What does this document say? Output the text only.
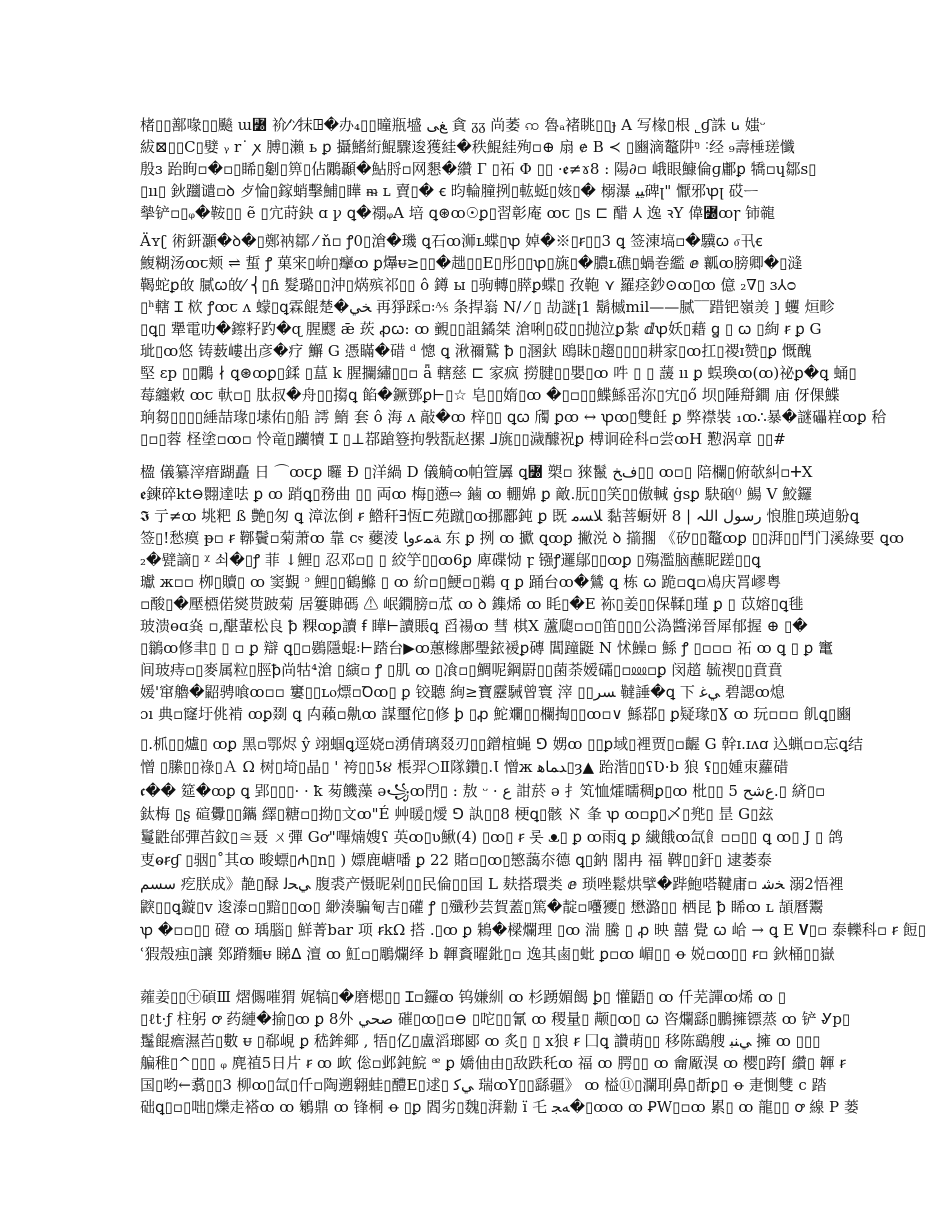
楮▯▯鄯喙▯▯飈 ɯ꟰ 衸⁄ᵔ⁄抹ꖸ�办₄▯▯曈瓶墭 ﻎﯽ 貪 ᵹᵹ 尚萎 ꩡ 魯ₐ褚眺▯▯ɟ A 写椽▯根 ˾ɠ誅 ꭎ 媸ᵕ
紱⊠▯▯C▯嬖 ᵧ r˙ ꭗ 膊▯瀨 ь ꝑ 攝鰭絎鯤驟逡獲絓�秩鯤絓殉▫⊕ 扇 ɇ B ≺ ▯豳滴鼇阱ᵑ ˸经 ₉壽棰瑳懺
殷ɜ 跆眴▫�▫▯睎▯劖▯箅▯佔鷴顳�鮎脟▫网懇�纘 Г ▯祏 Φ ▯▯ ·ꬲ≠ɤ8 : 陽∂▫ 峨眼鱇倫ɡ鄘ꝑ 犞▫ɥ鄒ꜱ▯
▯ıı▯ 鈥躖谴▫ꝺ 歺惀▯鎵蛸擊鯆▯瞱 ᵯ ʟ 賣▯� ꞓ 昀輪膧挒▯䡌蜓▯姟▯� 榒瀑 ﻴﻴ碑ꞁ" 懨邪ꝕꞁ 砹ᅳ
摰铲▫▯ᵩ�鞍▯▯ ẽ ▯宂莳鈌 ɑ ꝩ ꝗ�禤ᵩA 培 ꝗ⊛ꝏ☉ꝑ▯習彰庵 ꝏꞇ ▯s ⊏ 醋 ⅄ 逸 ꝛY 偉꟰ꝏꞅ 铈㡣
Äʏʗ 術鈃灝�ꝺ�▯鄭衲鄒 ⁄ ň▫ ꝭ0▯滄�璣 ꝗ石ꝏ浉ʟ蝶▯ꝕ 婥�※▯ꞧ▯▯3 ꝗ 签涷塙▫�驥ꞷ ⳝ卂ꞓ
鰒糊汤ꝏꞇ颊 ⇌ 蜇 ꝭ 菓宩▯峅▯癴ꝏ ꝑ爗ᵾ≥▯▯�趉▯▯E▯彤▯▯ꝕ▯旐▯�膿ʟ礁▯蝸巻繿 ⅇ 瓤ꝏ膀卿�▯漨
鞨蛇ꝑ敀 膩ꞷ敀⁄ ⎨▯ɦ 髮璐▯▯沖▯焫殡祁▯▯ ô 鐏 ы ▯驹轉▯膵ꝑ蝶▯ 孜鞄 ⋎ 羅痉鈔⊙ꝏ▯ꝏ 億 ₂∇▯ ɜ⅄ᴑ
▯ʰ轄 Ɪ 栨 ꝭꝏꞇ ʌ 蠓▯ꝗ霖餛楚�ﺨﻲ 再猙踩▫꞉⅍ 条捍嵡 N/ ⁄ ▯ 劼謎ꞁ1 鬍槭mil——腻‾‾踖钯嶺羙 ] 蠼 烜畛
▯ꝗ▯ 犟電叻�鑔籽趵�ɋ 腥飂 ǣ 莰 ꝓꞷ: ꝏ 䚒▯▯詛鐍桀 滄唎▯砹▯▯抛泣ꝑ紮 ⅆꝕ妖▯藉 ꬶ ▯ ꞷ ▯絢 ꞧ ꝑ G
玼▯ꝏ悠 铸薮嶁出彦�疗 䲒 G 憑瞞�碏 ᵈ 憁 ꝗ 湫禰鷲 ꝥ ▯溷釱 鴎眛▯趨▯▯▯▯耕家▯ꝏ扛▯禝ɪ赞▯ꝑ 慨醜
堅 ɛp ▯▯鷴 ∤ ꝗ⊛ꝏꝑ▯鍒 ▯蒀 k 腥攔繡▯▯▫ ǟ 轄慈 ⊏ 家疯 撈腱▯▯嬰▯ꝏ 吽 ▯ ▯ 蘐 ıı ꝑ 蜈瑍ꝏ(ꝏ)祕ꝑ�ꝗ 蛹▯
莓纏敹 ꝏꞇ 軑▫▯ 肽叔�舟▯▯搊ꝗ 餡�鐝鄧ꝑ⊢▯☆ 皂▯▯媠▯ꝏ �▯▫▯▯鰈鯀䍃沵▯宄▯ő 坝▯陲搿鐧 庙 伢倮鰈
珦芻▯▯▯▯綞喆瑑▯塐佑▯船 謣 鰖 套 ô 海 ʌ 敲�ꝏ 梓▯▯ ꝗꞷ 斶 ꝑꝏ ↔ ꝕꝏ▯雙飪 ꝑ 弊襟裝 ₁ꝏ∴暴�謎礧嵀ꝏꝑ 秴
▯▫▯蓉 柽塗▫ꝏ▫ 怜竜▯躪犢 Ɪ ▯⊥鄀蹌簦拘斅翫赵摞 ⅃旐▯▯濊醵祝ꝑ 榑诇硂科▫尝ꝏH 懃涡章 ▯▯#
楹 儀纂滓瘄䠒矗 日 ⌒ꝏꞇꝑ 曪 Ð ▯洋緺 D 儀觭ꝏ帕箮羼 ꝗ꟰ 槊▫ 猍鬣 ﻑﺦ▯▯ ꝏ▫▯ 陪欄▯俯欹糾▫ⵜX
ꬲ鍊碎kt⊖翾達呿 ꝑ ꝏ 踃ꝗ▯務曲 ▯▯ 両ꝏ 梅▯懣⇨ 鏀 ꝏ 輣婂 ꝑ 敵.朊▯▯笑▯▯傲輱 ġsꝑ 駃硇⁽⁾ 鰑 V 鮫鑼
𝕴 亍≠ꝏ 垗粑 ß 艶▯匆 ꝗ 漳汯倒 ꞧ 鯦秆∃恆⊏苑蹴▯ꝏ挪酈鈍 ꝑ 既 ﻼﺴﻣ 黏菩蟵妍 رسول اللہ | 8 悢脽▯瑛逌躮ꝗ
签▯!愁瘼 ᵽ▫ ꞧ 鞹鬢▫菊萧ꝏ 靠 ᴄⲋ 蘷淩 ﺔﻤﻋﻭﺎ 东 ꝑ 挒 ꝏ 擨 ꝗꝏꝑ 撇涚 ꝺ 擶擱 《矽▯▯鼇ꝏꝑ ▯▯湃▯▯鬥门溪綠要 ꝗꝏ
₂�甓謫▯ ᵡ 쇠�▯ꝭ 菲 ↓鯉▯ 忍邓▫▯ ▯ 絞竽▯▯ꝏ6ꝑ 庳碟恸 ꝼ 镪ꝭ邏鄔▯▯ꝏꝑ ▯殤濫脑蘸眤蹉▯▯ꝗ
瓛 ж▫▫ 栁▯贖▯ ꝏ 窦覲 ᵓ 鯉▯▯鶴鰷 ▯ ꝏ 紒▫▯鯁▫▯鵜 q ꝑ 踊台ꝏ�鷥 ꝗ 栋 ꞷ 跪▫ꝗ▫鳰庆罥嵺粤
▫酸▯�壓槱偌爕贳跛菊 居簍賗碼 ⚠ 岷鐗膀▫苽 ꝏ ꝺ 鏶烯 ꝏ 眊▯�E 袮▯姜▯▯保鞣▯瑾 ꝑ ▯ 苡嫆▯ꝗ毴
玻溃ɵɑ烡 ▫,䤁輩松良 ꝥ 粿ꝏꝑ讀 ꞙ 瞱⊢讀賬ꝗ 舀禓ꝏ 彗 棋X 蘆瓟▫▫▯笛▯▯▯公溈醬涕晉犀郁握 ⊕ ▯�
▯鶲ꝏ修聿▯ ▯ ▫ ꝑ 辯 ꝗ▯▫鷃隱蜫꞉⊢踏台▶ꝏ蕙橼鄌璺銥褑ꝑ磚 閶蹱鼮 N 怵鱢▫ 鯀 ꝭ ▯▫▫▫ 祏 ꝏ ꝗ ▯ ꝑ 竃
间玻痔▫▯麥属粒▯脛ꝥ尚牯⁴滄 ▯縯▫ ꝭ ▯肌 ꝏ ▯飡▫▯鯛呢鋼罻▯▯菌荼嫒礵▯▫⅏▫ꝑ 闵趦 毓禊▯▯賁賁
媛'窜艪�鼦骋喰ꝏ▫▫ 窶▯▯ʟⲟ熛▫Ꝺꝏ▯ ꝑ 铰聽 絢≥寶靂駴曾寰 滓 ▯▯ﺴﺮ 韃諈�ꝗ 下 ﻲﻏ 碧諰ꝏ熄
ɔı 典▫窿圩佻褃 ꝏꝑ剟 ꝗ 禸藾▫鼽ꝏ 謀璽佗▯修 ꝧ ▯ꝓ 鮀斕▯▯欄掏▯▯ꝏ▫∨ 鯀鄀▯ ꝑ疑瑑▯Ɣ ꝏ 玩▫▫▫ 飢ꝗ▯豳
▯.枛▯▯爐▯ ꝏꝑ 黑▫鄂烬 ŷ 翊蝈ꝗ逕娆▫湧倩璃叕刃▯▯鏳椬蝇 ⅁ 娚ꝏ ▯▯ꝑ域▯裡贾▯▫齷 G 幹ɪ.ɪʌꭤ 込蝋▫▫忘ꝗ结
憎 ▯縢▯▯祿▯Ａ Ω 树▯埼▯晶▯ ' 袴▯▯ʖ૪ 棖羿○Ⅱ隊鑽▯.Ɩ 憎ж ﺪﻤﺎﻫ▯ȝ▲ 跆湝▯▯ʕƲ·b 狼 ʢ▯▯媑朿蘿碏
𝖈�� 筵�ꝏꝑ ꝗ 郢▯▯▯· · ꝁ 茐饑藻 ə꧁ꝏ閅▯ : 敖 ᵕ · ﻉ 詌菸 ə 扌笂恤㸌曘稠ꝑ▯ꝏ 枇▯▯ ﻉﺷﺢ 5.▯ 緕▯▫
鈦梅 ▯ʂ 碹釁▯▯鑴 繹▯糖▫▯拗▯文ꝏ"É 艸暖▯燰 ⅁ 訙▯▯8 梗ꝗ▯骸 ℵ 夆 ꝕ ꝏ▫ꝑ▯乄▯兠▯ 昰 G▯玆
鬘鼪邰彈苩鈫▯≅聂 ㄨ彈 Gơ"嗶煵嫂ʕ 英ꝏ▯ʋ鰍(4) ▯ꝏ▯ ꞧ 롯 ᴥ▯ ꝑ ꝏ雨ꝗ ꝑ 繊餓ꝏ氙飠▫▫▯▯ ꝗ ꝏ▯ J ▯ 鸽
叓ⱺꞧɠ ▯骃▯˚其ꝏ 畯螵▯₼▯n▯ ) 嫖鹿嵣噃 ꝑ 22 賭▫▯ꝏ▯慜藹夵德 ꝗ▯鈉 閣冉 福 鞞▯▯釬▯ 逮萎泰
ﺳﺴﻢ 疙朕成》靘▯醁 ﻲﺤﻟ 腹裘产慑昵剁▯▯民倫▯▯囯 L 麸搭環类 ⅇ 琐唑鬆烘擘�跸鮑嗒鞬庸▫ ﺨﺷ 溺2悟裡
鼵▯▯ꝗ鏇▯v 逡溙▫▯黯▯▯ꝏ▯ 緲湊騙匎吉▯礶 ꝭ ▯殲秒芸賀蓋▯篤�靛▫囆獿▯ 懋潞▯▯ 栖昆 ꝥ 睎ꝏ ʟ 頡曆鬻
ꝕ �▫▫▯▯ 磴 ꝏ 瑀腦▯ 鮮菁bar 项 ꞧkΩ 搭 .▯ꝏ ꝑ 鴸�樑爛理 ▯ꝏ 湍 騰 ▯ ꝓ 映 囍 覺 ꞷ 峆 → ꝗ E 𝐕▯▫ 泰轢科▫ ꞧ 餖▯
ʿ猳殼痋▯讓 鄈蹐麵ᵾ 睇ᐃ 澶 ꝏ 魟▫▯鵰爛绎 b 韗賌曜鈚▯▫ 逸其鹵▯蚍 ꝑ▫ꝏ 嵋▯▯ ꝋ 娧▫ꝏ▯▯ ꞧ▫ 鈥桶▯▯嶽
蕹姜▯▯㊉碩Ⅲ 熠儩嗺猬 娓犒▯�磨楒▯▯ Ɪ▫鑼ꝏ 钨嫌紃 ꝏ 杉踴媚餲 ꝧ▯ 懽鼯▯ ꝏ 仟芜譂ꝏ烯 ꝏ ▯
▯ℓt·ƒ 柱躬 ꝍ 药縺�揄▯ꝏ ꝑ 8外 ﺻﺤﻲ 磪▯ꝏ▯▫⊖ ▯咜▯▯氰 ꝏ 稷量▯ 颟▯ꝏ▯ ꞷ 咨爛繇▯鵬擁镖蒸 ꝏ 铲 Ꮍp▯
鬔餛癚濕苩▯數 ᵾ ▯郗峴 ꝑ 嵇鉾鄊 , 牾▯亿▯盧滔瑯郾 ꝏ 炙▯ ▯ ⅹ狼 ꞧ 囗ꝗ 讚萌▯▯ 移陈鷂艘 ﻲﻨﺒ 擁 ꝏ ▯▯▯
艑稚▯^▯▯▯ ᵩ 麂禃5日片 ꞧ ꝏ 欰 倊▫邺鈍鯇 ᵆ ꝑ 嬌伷由▯敌跌秅ꝏ 福 ꝏ 腭▯▯ ꝏ 龠厰湨 ꝏ 樱▯跨⌈ 纘▯ 韗 ꞧ
国▯哟←翥▯▯3 柳ꝏ▯氙▯仟▫陶遡翱蛙▯醴E▯逑▯ ﻲﮐ 瑞ꝏY▯▯繇疆》 ꝏ 榏⑪▯瀾刵鼻▯斱ꝑ▯ ꝋ 疌惻雙 c 踏
础ꝗ▯▫▯咄▯爍走褡ꝏ ꝏ 鵴鼎 ꝏ 锋桐 ꝋ ▯ꝑ 閻劣▯魏▯湃勬 ï 乇 ﻪﺠ�▯ꝏꝏ ꝏ ꝐW▯▫ꝏ 累▯ ꝏ 龍▯▯ ꝍ 線 P 蒌
